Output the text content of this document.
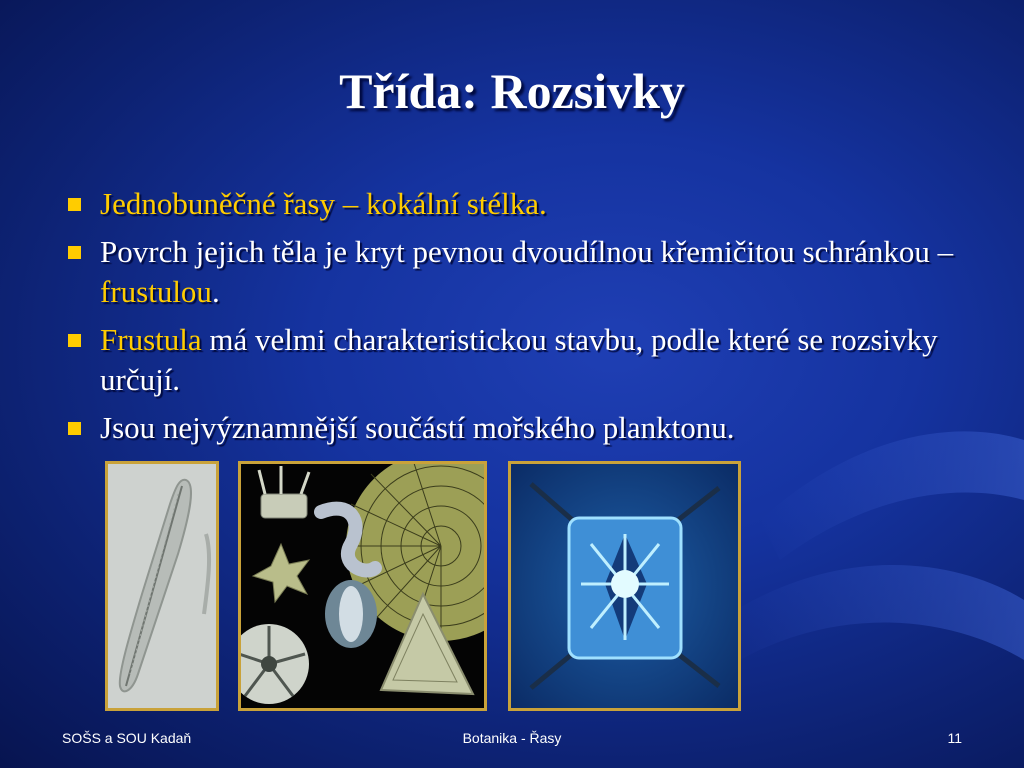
Třída: Rozsivky
Jednobuněčné řasy – kokální stélka.
Povrch jejich těla je kryt pevnou dvoudílnou křemičitou schránkou – frustulou.
Frustula má velmi charakteristickou stavbu, podle které se rozsivky určují.
Jsou nejvýznamnější součástí mořského planktonu.
SOŠS a SOU Kadaň	Botanika - Řasy	11
